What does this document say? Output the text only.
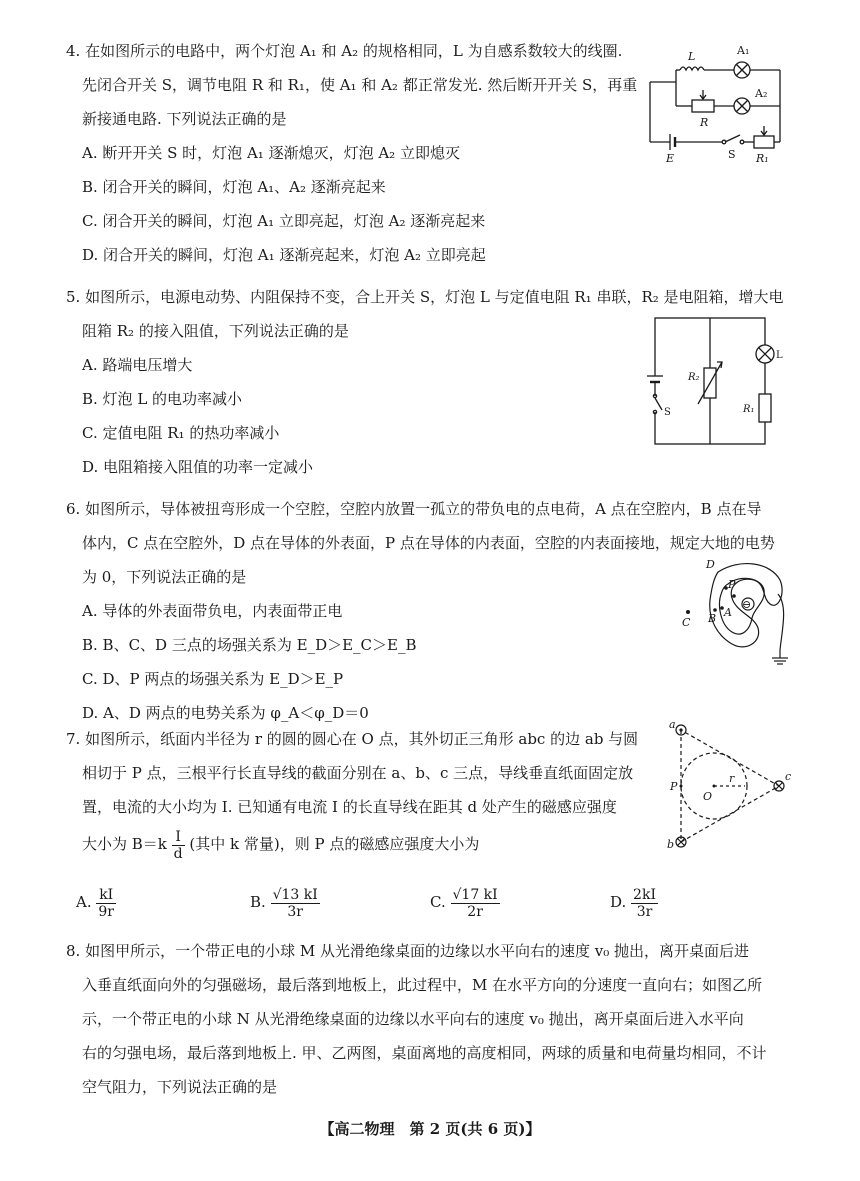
4. 在如图所示的电路中，两个灯泡 A₁ 和 A₂ 的规格相同，L 为自感系数较大的线圈.
先闭合开关 S，调节电阻 R 和 R₁，使 A₁ 和 A₂ 都正常发光. 然后断开开关 S，再重
新接通电路. 下列说法正确的是
A. 断开开关 S 时，灯泡 A₁ 逐渐熄灭，灯泡 A₂ 立即熄灭
B. 闭合开关的瞬间，灯泡 A₁、A₂ 逐渐亮起来
C. 闭合开关的瞬间，灯泡 A₁ 立即亮起，灯泡 A₂ 逐渐亮起来
D. 闭合开关的瞬间，灯泡 A₁ 逐渐亮起来，灯泡 A₂ 立即亮起
L	A₁
A₂
R
E	S R₁
5. 如图所示，电源电动势、内阻保持不变，合上开关 S，灯泡 L 与定值电阻 R₁ 串联，R₂ 是电阻箱，增大电
阻箱 R₂ 的接入阻值，下列说法正确的是
A. 路端电压增大
B. 灯泡 L 的电功率减小
C. 定值电阻 R₁ 的热功率减小
D. 电阻箱接入阻值的功率一定减小
R₂
L
R₁
S
6. 如图所示，导体被扭弯形成一个空腔，空腔内放置一孤立的带负电的点电荷，A 点在空腔内，B 点在导
体内，C 点在空腔外，D 点在导体的外表面，P 点在导体的内表面，空腔的内表面接地，规定大地的电势
为 0，下列说法正确的是
A. 导体的外表面带负电，内表面带正电
B. B、C、D 三点的场强关系为 E_D＞E_C＞E_B
C. D、P 两点的场强关系为 E_D＞E_P
D. A、D 两点的电势关系为 φ_A＜φ_D＝0
D
P
A
B
C
⊖
7. 如图所示，纸面内半径为 r 的圆的圆心在 O 点，其外切正三角形 abc 的边 ab 与圆
相切于 P 点，三根平行长直导线的截面分别在 a、b、c 三点，导线垂直纸面固定放
置，电流的大小均为 I. 已知通有电流 I 的长直导线在距其 d 处产生的磁感应强度
大小为 $B=k \frac{I}{d}$ (其中 k 常量)，则 P 点的磁感应强度大小为
A. $\frac{kI}{9r}$	B. $\frac{√13 kI}{3r}$	C. $\frac{√17 kI}{2r}$	D. $\frac{2kI}{3r}$
a
b
c
P
O
r
8. 如图甲所示，一个带正电的小球 M 从光滑绝缘桌面的边缘以水平向右的速度 v₀ 抛出，离开桌面后进
入垂直纸面向外的匀强磁场，最后落到地板上，此过程中，M 在水平方向的分速度一直向右；如图乙所
示，一个带正电的小球 N 从光滑绝缘桌面的边缘以水平向右的速度 v₀ 抛出，离开桌面后进入水平向
右的匀强电场，最后落到地板上. 甲、乙两图，桌面离地的高度相同，两球的质量和电荷量均相同，不计
空气阻力，下列说法正确的是
【高二物理　第 2 页(共 6 页)】
